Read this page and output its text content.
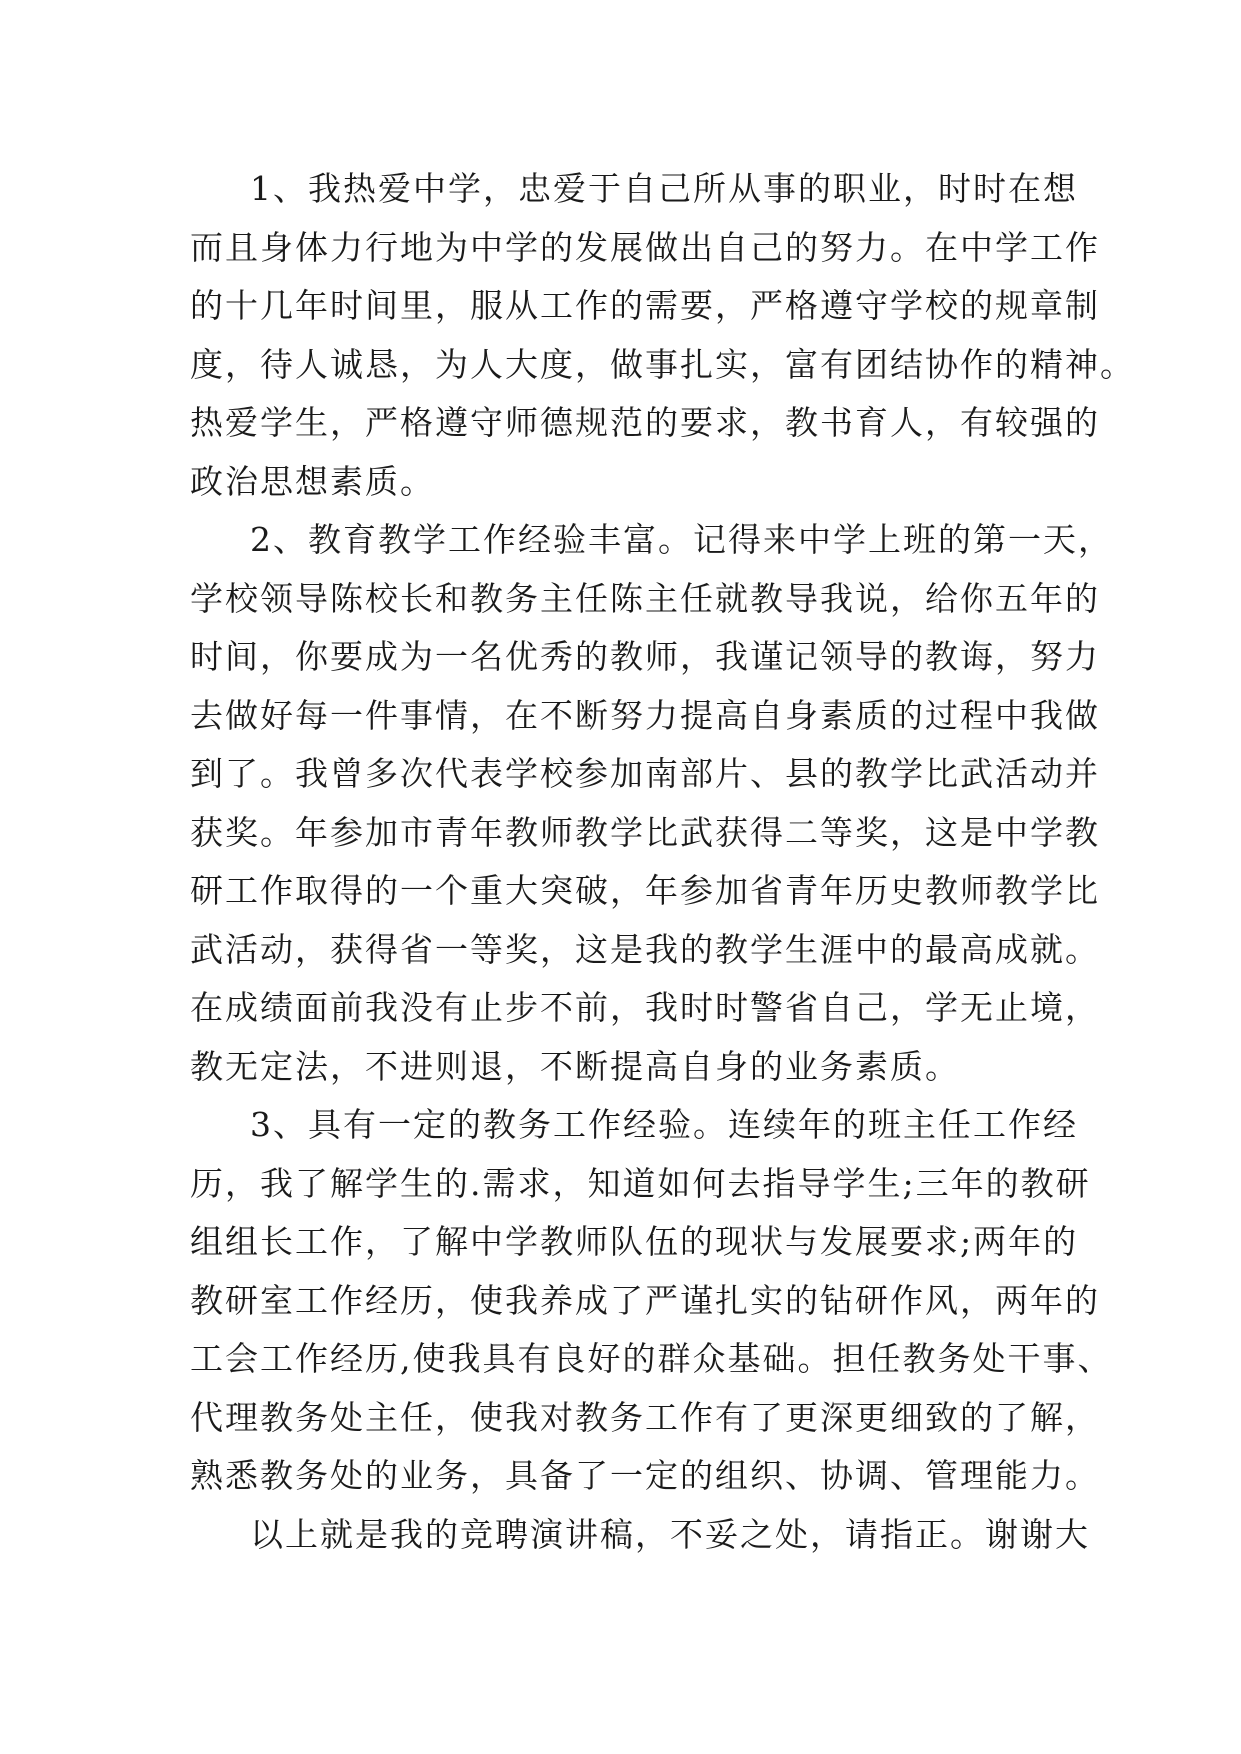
1、我热爱中学，忠爱于自己所从事的职业，时时在想
而且身体力行地为中学的发展做出自己的努力。在中学工作
的十几年时间里，服从工作的需要，严格遵守学校的规章制
度，待人诚恳，为人大度，做事扎实，富有团结协作的精神。
热爱学生，严格遵守师德规范的要求，教书育人，有较强的
政治思想素质。
2、教育教学工作经验丰富。记得来中学上班的第一天，
学校领导陈校长和教务主任陈主任就教导我说，给你五年的
时间，你要成为一名优秀的教师，我谨记领导的教诲，努力
去做好每一件事情，在不断努力提高自身素质的过程中我做
到了。我曾多次代表学校参加南部片、县的教学比武活动并
获奖。年参加市青年教师教学比武获得二等奖，这是中学教
研工作取得的一个重大突破，年参加省青年历史教师教学比
武活动，获得省一等奖，这是我的教学生涯中的最高成就。
在成绩面前我没有止步不前，我时时警省自己，学无止境，
教无定法，不进则退，不断提高自身的业务素质。
3、具有一定的教务工作经验。连续年的班主任工作经
历，我了解学生的.需求，知道如何去指导学生;三年的教研
组组长工作，了解中学教师队伍的现状与发展要求;两年的
教研室工作经历，使我养成了严谨扎实的钻研作风，两年的
工会工作经历,使我具有良好的群众基础。担任教务处干事、
代理教务处主任，使我对教务工作有了更深更细致的了解，
熟悉教务处的业务，具备了一定的组织、协调、管理能力。
以上就是我的竞聘演讲稿，不妥之处，请指正。谢谢大
